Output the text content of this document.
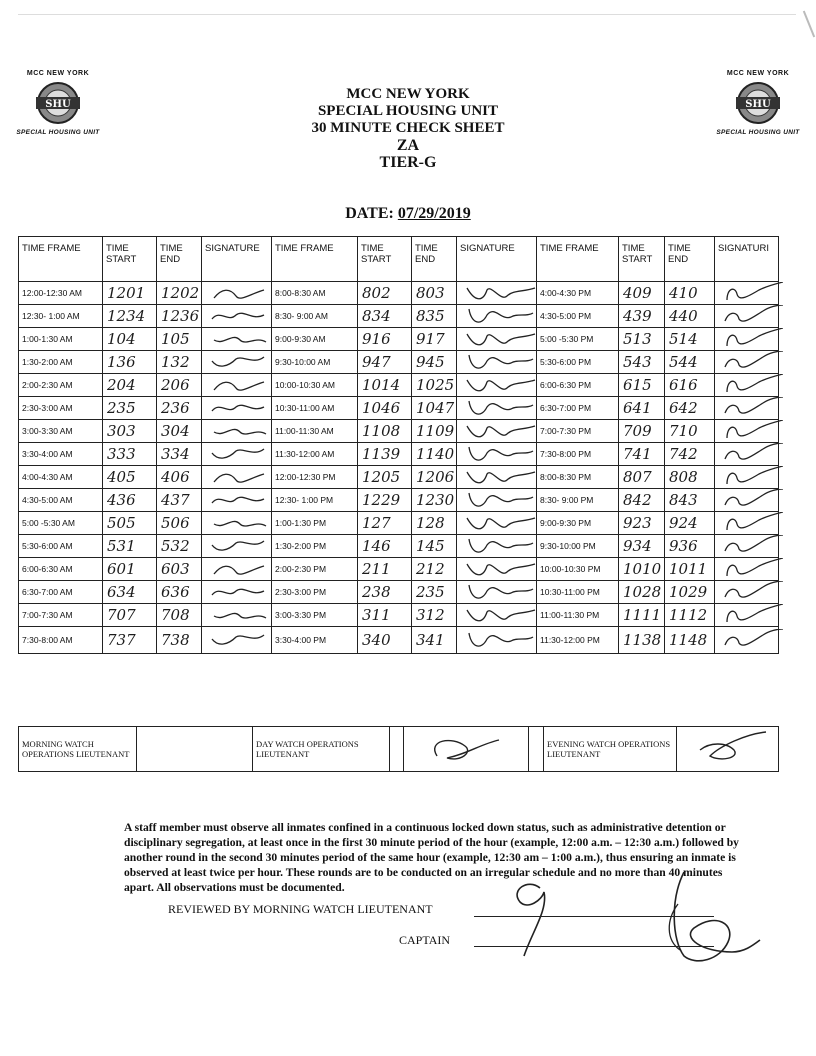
MCC NEW YORK
SHU
SPECIAL HOUSING UNIT
MCC NEW YORK
SHU
SPECIAL HOUSING UNIT
MCC NEW YORK
SPECIAL HOUSING UNIT
30 MINUTE CHECK SHEET
ZA
TIER-G
DATE: 07/29/2019
TIME FRAME	TIME START	TIME END	SIGNATURE	TIME FRAME	TIME START	TIME END	SIGNATURE	TIME FRAME	TIME START	TIME END	SIGNATURI
12:00-12:30 AM	1201	1202		8:00-8:30 AM	802	803		4:00-4:30 PM	409	410	
12:30- 1:00 AM	1234	1236		8:30- 9:00 AM	834	835		4:30-5:00 PM	439	440	
1:00-1:30 AM	104	105		9:00-9:30 AM	916	917		5:00 -5:30 PM	513	514	
1:30-2:00 AM	136	132		9:30-10:00 AM	947	945		5:30-6:00 PM	543	544	
2:00-2:30 AM	204	206		10:00-10:30 AM	1014	1025		6:00-6:30 PM	615	616	
2:30-3:00 AM	235	236		10:30-11:00 AM	1046	1047		6:30-7:00 PM	641	642	
3:00-3:30 AM	303	304		11:00-11:30 AM	1108	1109		7:00-7:30 PM	709	710	
3:30-4:00 AM	333	334		11:30-12:00 AM	1139	1140		7:30-8:00 PM	741	742	
4:00-4:30 AM	405	406		12:00-12:30 PM	1205	1206		8:00-8:30 PM	807	808	
4:30-5:00 AM	436	437		12:30- 1:00 PM	1229	1230		8:30- 9:00 PM	842	843	
5:00 -5:30 AM	505	506		1:00-1:30 PM	127	128		9:00-9:30 PM	923	924	
5:30-6:00 AM	531	532		1:30-2:00 PM	146	145		9:30-10:00 PM	934	936	
6:00-6:30 AM	601	603		2:00-2:30 PM	211	212		10:00-10:30 PM	1010	1011	
6:30-7:00 AM	634	636		2:30-3:00 PM	238	235		10:30-11:00 PM	1028	1029	
7:00-7:30 AM	707	708		3:00-3:30 PM	311	312		11:00-11:30 PM	1111	1112	
7:30-8:00 AM	737	738		3:30-4:00 PM	340	341		11:30-12:00 PM	1138	1148	
MORNING WATCH OPERATIONS LIEUTENANT		DAY WATCH OPERATIONS LIEUTENANT				EVENING WATCH OPERATIONS LIEUTENANT	
A staff member must observe all inmates confined in a continuous locked down status, such as administrative detention or disciplinary segregation, at least once in the first 30 minute period of the hour (example, 12:00 a.m. – 12:30 a.m.) followed by another round in the second 30 minutes period of the same hour (example, 12:30 am – 1:00 a.m.), thus ensuring an inmate is observed at least twice per hour. These rounds are to be conducted on an irregular schedule and no more than 40 minutes apart. All observations must be documented.
REVIEWED BY MORNING WATCH LIEUTENANT
CAPTAIN
